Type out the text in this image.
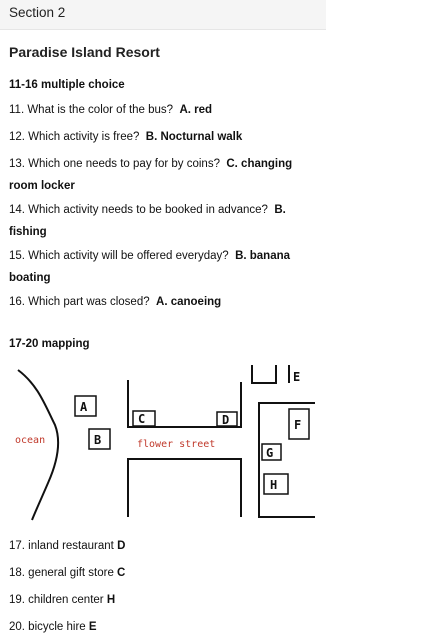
Section 2
Paradise Island Resort
11-16 multiple choice
11. What is the color of the bus? A. red
12. Which activity is free? B. Nocturnal walk
13. Which one needs to pay for by coins? C. changing room locker
14. Which activity needs to be booked in advance? B. fishing
15. Which activity will be offered everyday? B. banana boating
16. Which part was closed? A. canoeing
17-20 mapping
ocean
A
B
C	D
flower street
E
F
G
H
17. inland restaurant D
18. general gift store C
19. children center H
20. bicycle hire E
